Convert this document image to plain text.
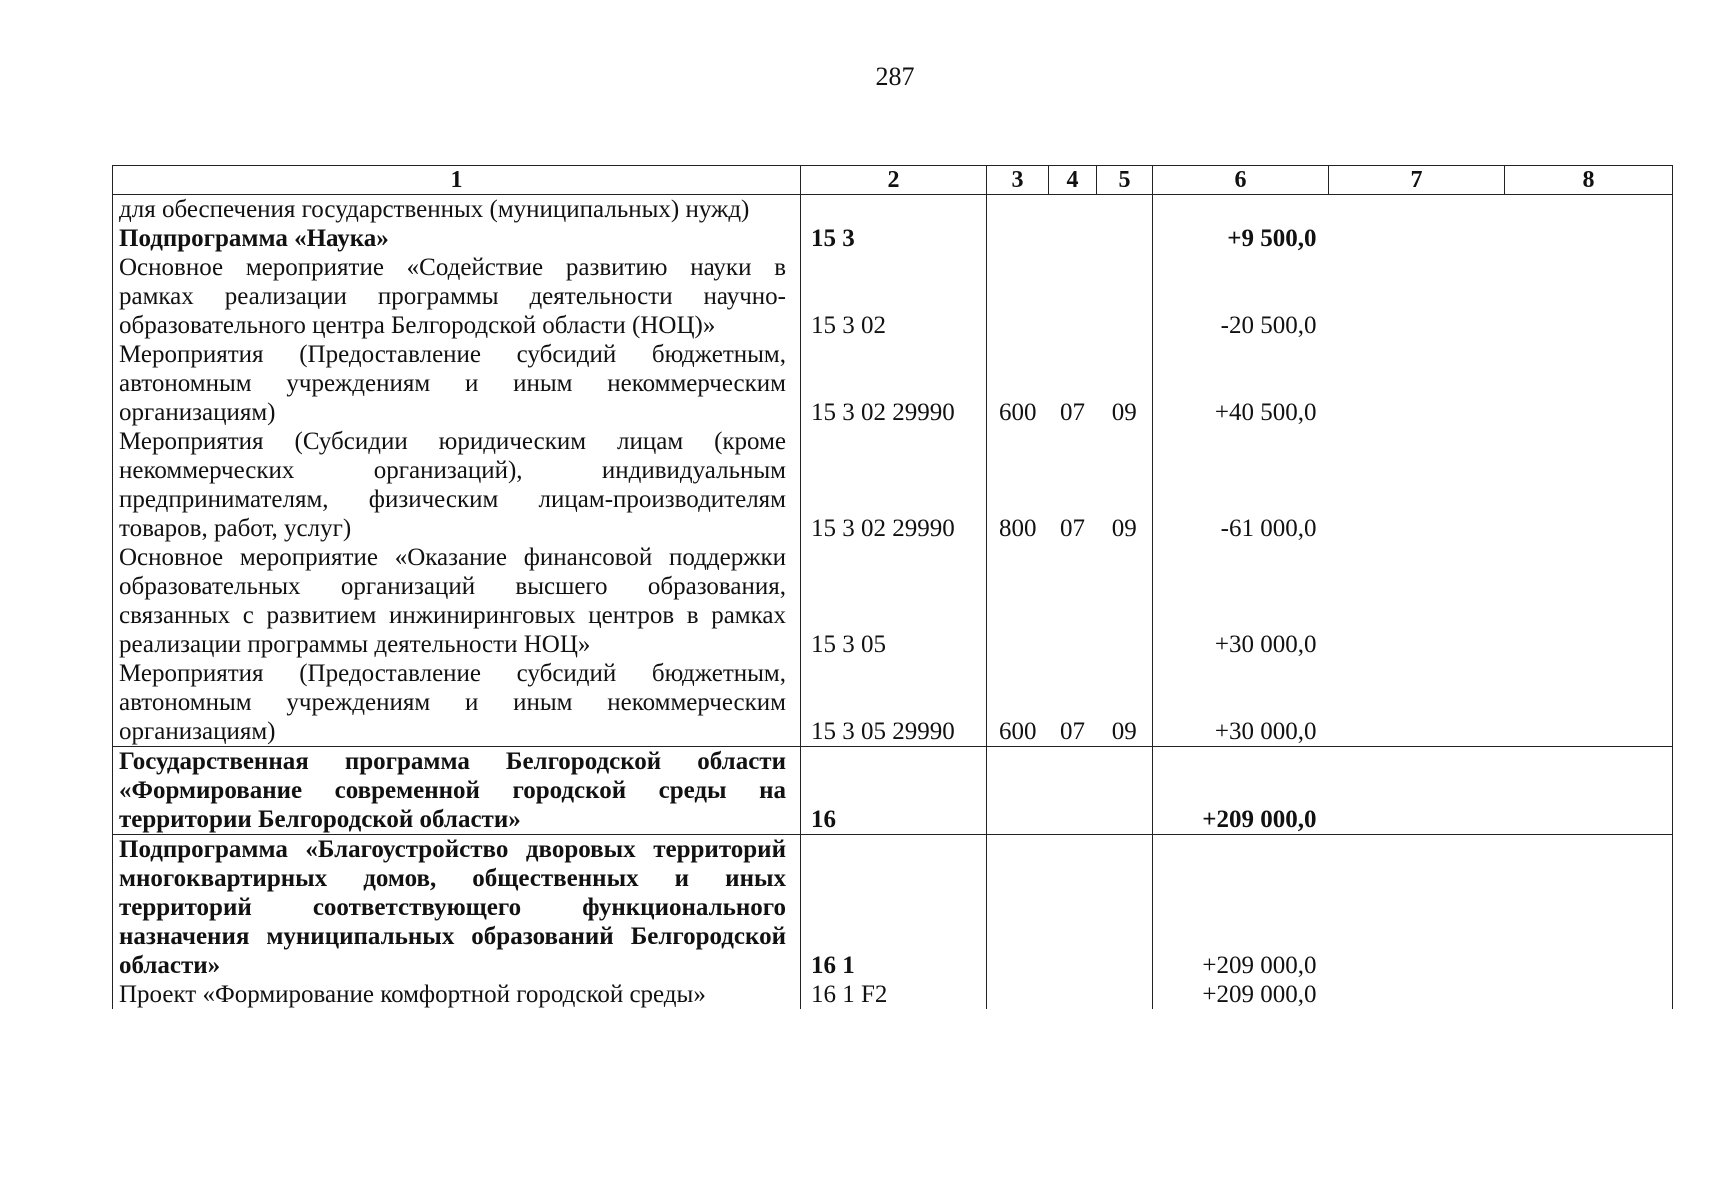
287
1	2	3	4	5	6	7	8

для обеспечения государственных (муниципальных) нужд)							

Подпрограмма «Наука»	15 3				+9 500,0		

Основное мероприятие «Содействие развитию науки в
рамках реализации программы деятельности научно-
образовательного центра Белгородской области (НОЦ)»	15 3 02				-20 500,0		

Мероприятия (Предоставление субсидий бюджетным,
автономным учреждениям и иным некоммерческим
организациям)	15 3 02 29990	600	07	09	+40 500,0		

Мероприятия (Субсидии юридическим лицам (кроме
некоммерческих организаций), индивидуальным
предпринимателям, физическим лицам-производителям
товаров, работ, услуг)	15 3 02 29990	800	07	09	-61 000,0		

Основное мероприятие «Оказание финансовой поддержки
образовательных организаций высшего образования,
связанных с развитием инжиниринговых центров в рамках
реализации программы деятельности НОЦ»	15 3 05				+30 000,0		

Мероприятия (Предоставление субсидий бюджетным,
автономным учреждениям и иным некоммерческим
организациям)	15 3 05 29990	600	07	09	+30 000,0		

Государственная программа Белгородской области
«Формирование современной городской среды на
территории Белгородской области»	16				+209 000,0		

Подпрограмма «Благоустройство дворовых территорий
многоквартирных домов, общественных и иных
территорий соответствующего функционального
назначения муниципальных образований Белгородской
области»	16 1				+209 000,0		

Проект «Формирование комфортной городской среды»	16 1 F2				+209 000,0		
